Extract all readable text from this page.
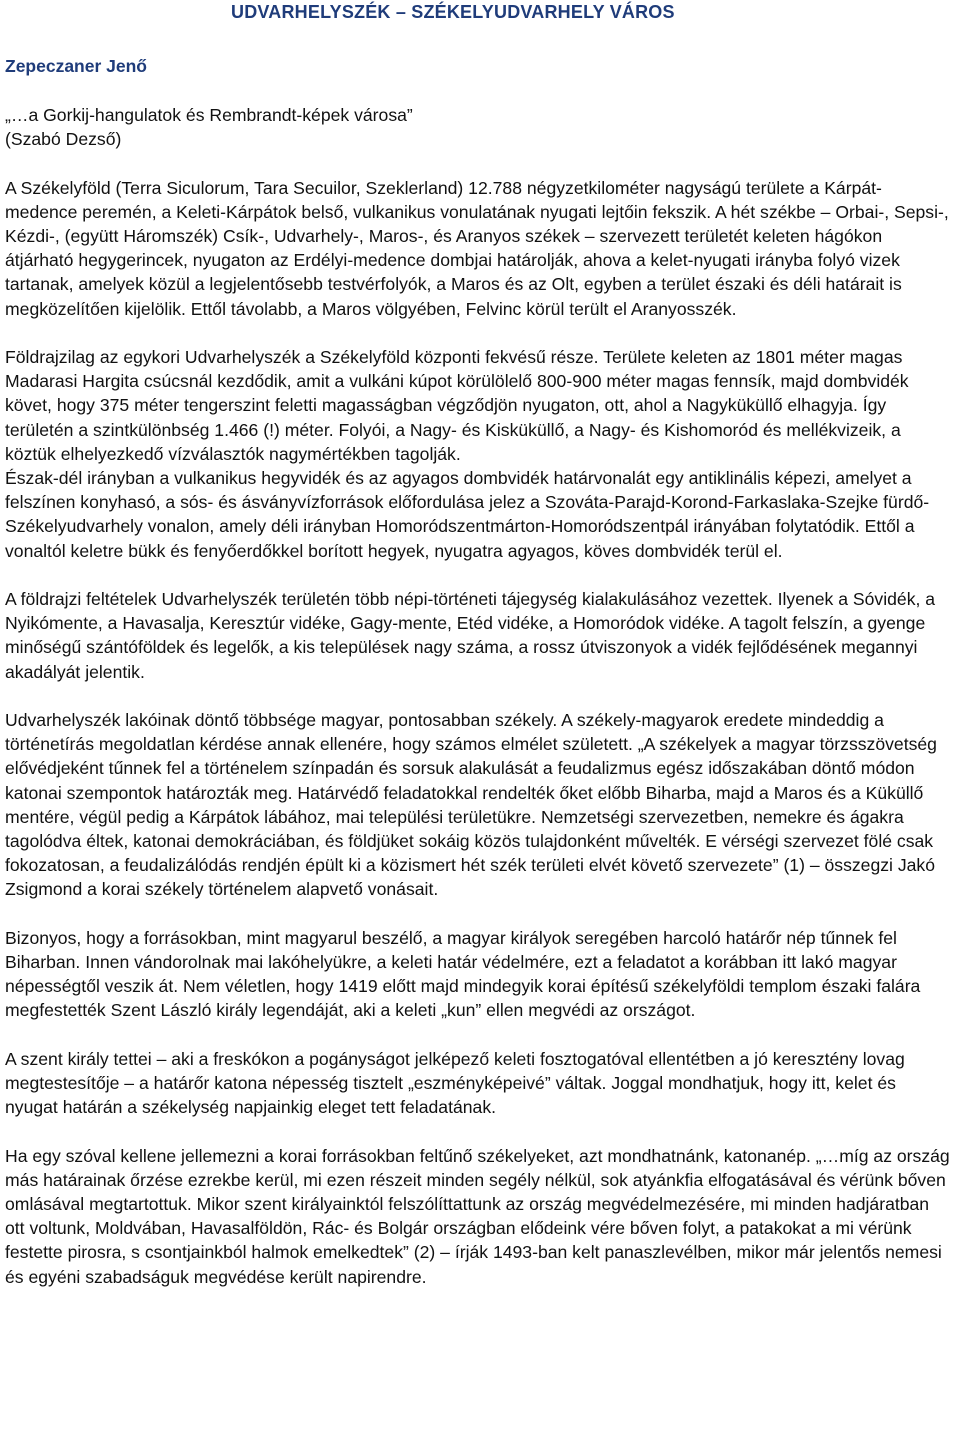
UDVARHELYSZÉK – SZÉKELYUDVARHELY VÁROS
Zepeczaner Jenő

„…a Gorkij-hangulatok és Rembrandt-képek városa”

(Szabó Dezső)

A Székelyföld (Terra Siculorum, Tara Secuilor, Szeklerland) 12.788 négyzetkilométer nagyságú területe a Kárpát-medence peremén, a Keleti-Kárpátok belső, vulkanikus vonulatának nyugati lejtőin fekszik. A hét székbe – Orbai-, Sepsi-, Kézdi-, (együtt Háromszék) Csík-, Udvarhely-, Maros-, és Aranyos székek – szervezett területét keleten hágókon átjárható hegygerincek, nyugaton az Erdélyi-medence dombjai határolják, ahova a kelet-nyugati irányba folyó vizek tartanak, amelyek közül a legjelentősebb testvérfolyók, a Maros és az Olt, egyben a terület északi és déli határait is megközelítően kijelölik. Ettől távolabb, a Maros völgyében, Felvinc körül terült el Aranyosszék.

Földrajzilag az egykori Udvarhelyszék a Székelyföld központi fekvésű része. Területe keleten az 1801 méter magas Madarasi Hargita csúcsnál kezdődik, amit a vulkáni kúpot körülölelő 800-900 méter magas fennsík, majd dombvidék követ, hogy 375 méter tengerszint feletti magasságban végződjön nyugaton, ott, ahol a Nagyküküllő elhagyja. Így területén a szintkülönbség 1.466 (!) méter. Folyói, a Nagy- és Kisküküllő, a Nagy- és Kishomoród és mellékvizeik, a köztük elhelyezkedő vízválasztók nagymértékben tagolják.

Észak-dél irányban a vulkanikus hegyvidék és az agyagos dombvidék határvonalát egy antiklinális képezi, amelyet a felszínen konyhasó, a sós- és ásványvízforrások előfordulása jelez a Szováta-Parajd-Korond-Farkaslaka-Szejke fürdő-Székelyudvarhely vonalon, amely déli irányban Homoródszentmárton-Homoródszentpál irányában folytatódik. Ettől a vonaltól keletre bükk és fenyőerdőkkel borított hegyek, nyugatra agyagos, köves dombvidék terül el.

A földrajzi feltételek Udvarhelyszék területén több népi-történeti tájegység kialakulásához vezettek. Ilyenek a Sóvidék, a Nyikómente, a Havasalja, Keresztúr vidéke, Gagy-mente, Etéd vidéke, a Homoródok vidéke. A tagolt felszín, a gyenge minőségű szántóföldek és legelők, a kis települések nagy száma, a rossz útviszonyok a vidék fejlődésének megannyi akadályát jelentik.

Udvarhelyszék lakóinak döntő többsége magyar, pontosabban székely. A székely-magyarok eredete mindeddig a történetírás megoldatlan kérdése annak ellenére, hogy számos elmélet született. „A székelyek a magyar törzsszövetség elővédjeként tűnnek fel a történelem színpadán és sorsuk alakulását a feudalizmus egész időszakában döntő módon katonai szempontok határozták meg. Határvédő feladatokkal rendelték őket előbb Biharba, majd a Maros és a Küküllő mentére, végül pedig a Kárpátok lábához, mai települési területükre. Nemzetségi szervezetben, nemekre és ágakra tagolódva éltek, katonai demokráciában, és földjüket sokáig közös tulajdonként művelték. E vérségi szervezet fölé csak fokozatosan, a feudalizálódás rendjén épült ki a közismert hét szék területi elvét követő szervezete” (1) – összegzi Jakó Zsigmond a korai székely történelem alapvető vonásait.

Bizonyos, hogy a forrásokban, mint magyarul beszélő, a magyar királyok seregében harcoló határőr nép tűnnek fel Biharban. Innen vándorolnak mai lakóhelyükre, a keleti határ védelmére, ezt a feladatot a korábban itt lakó magyar népességtől veszik át. Nem véletlen, hogy 1419 előtt majd mindegyik korai építésű székelyföldi templom északi falára megfestették Szent László király legendáját, aki a keleti „kun” ellen megvédi az országot.

A szent király tettei – aki a freskókon a pogányságot jelképező keleti fosztogatóval ellentétben a jó keresztény lovag megtestesítője – a határőr katona népesség tisztelt „eszményképeivé” váltak. Joggal mondhatjuk, hogy itt, kelet és nyugat határán a székelység napjainkig eleget tett feladatának.

Ha egy szóval kellene jellemezni a korai forrásokban feltűnő székelyeket, azt mondhatnánk, katonanép. „…míg az ország más határainak őrzése ezrekbe kerül, mi ezen részeit minden segély nélkül, sok atyánkfia elfogatásával és vérünk bőven omlásával megtartottuk. Mikor szent királyainktól felszólíttattunk az ország megvédelmezésére, mi minden hadjáratban ott voltunk, Moldvában, Havasalföldön, Rác- és Bolgár országban elődeink vére bőven folyt, a patakokat a mi vérünk festette pirosra, s csontjainkból halmok emelkedtek” (2) – írják 1493-ban kelt panaszlevélben, mikor már jelentős nemesi és egyéni szabadságuk megvédése került napirendre.
